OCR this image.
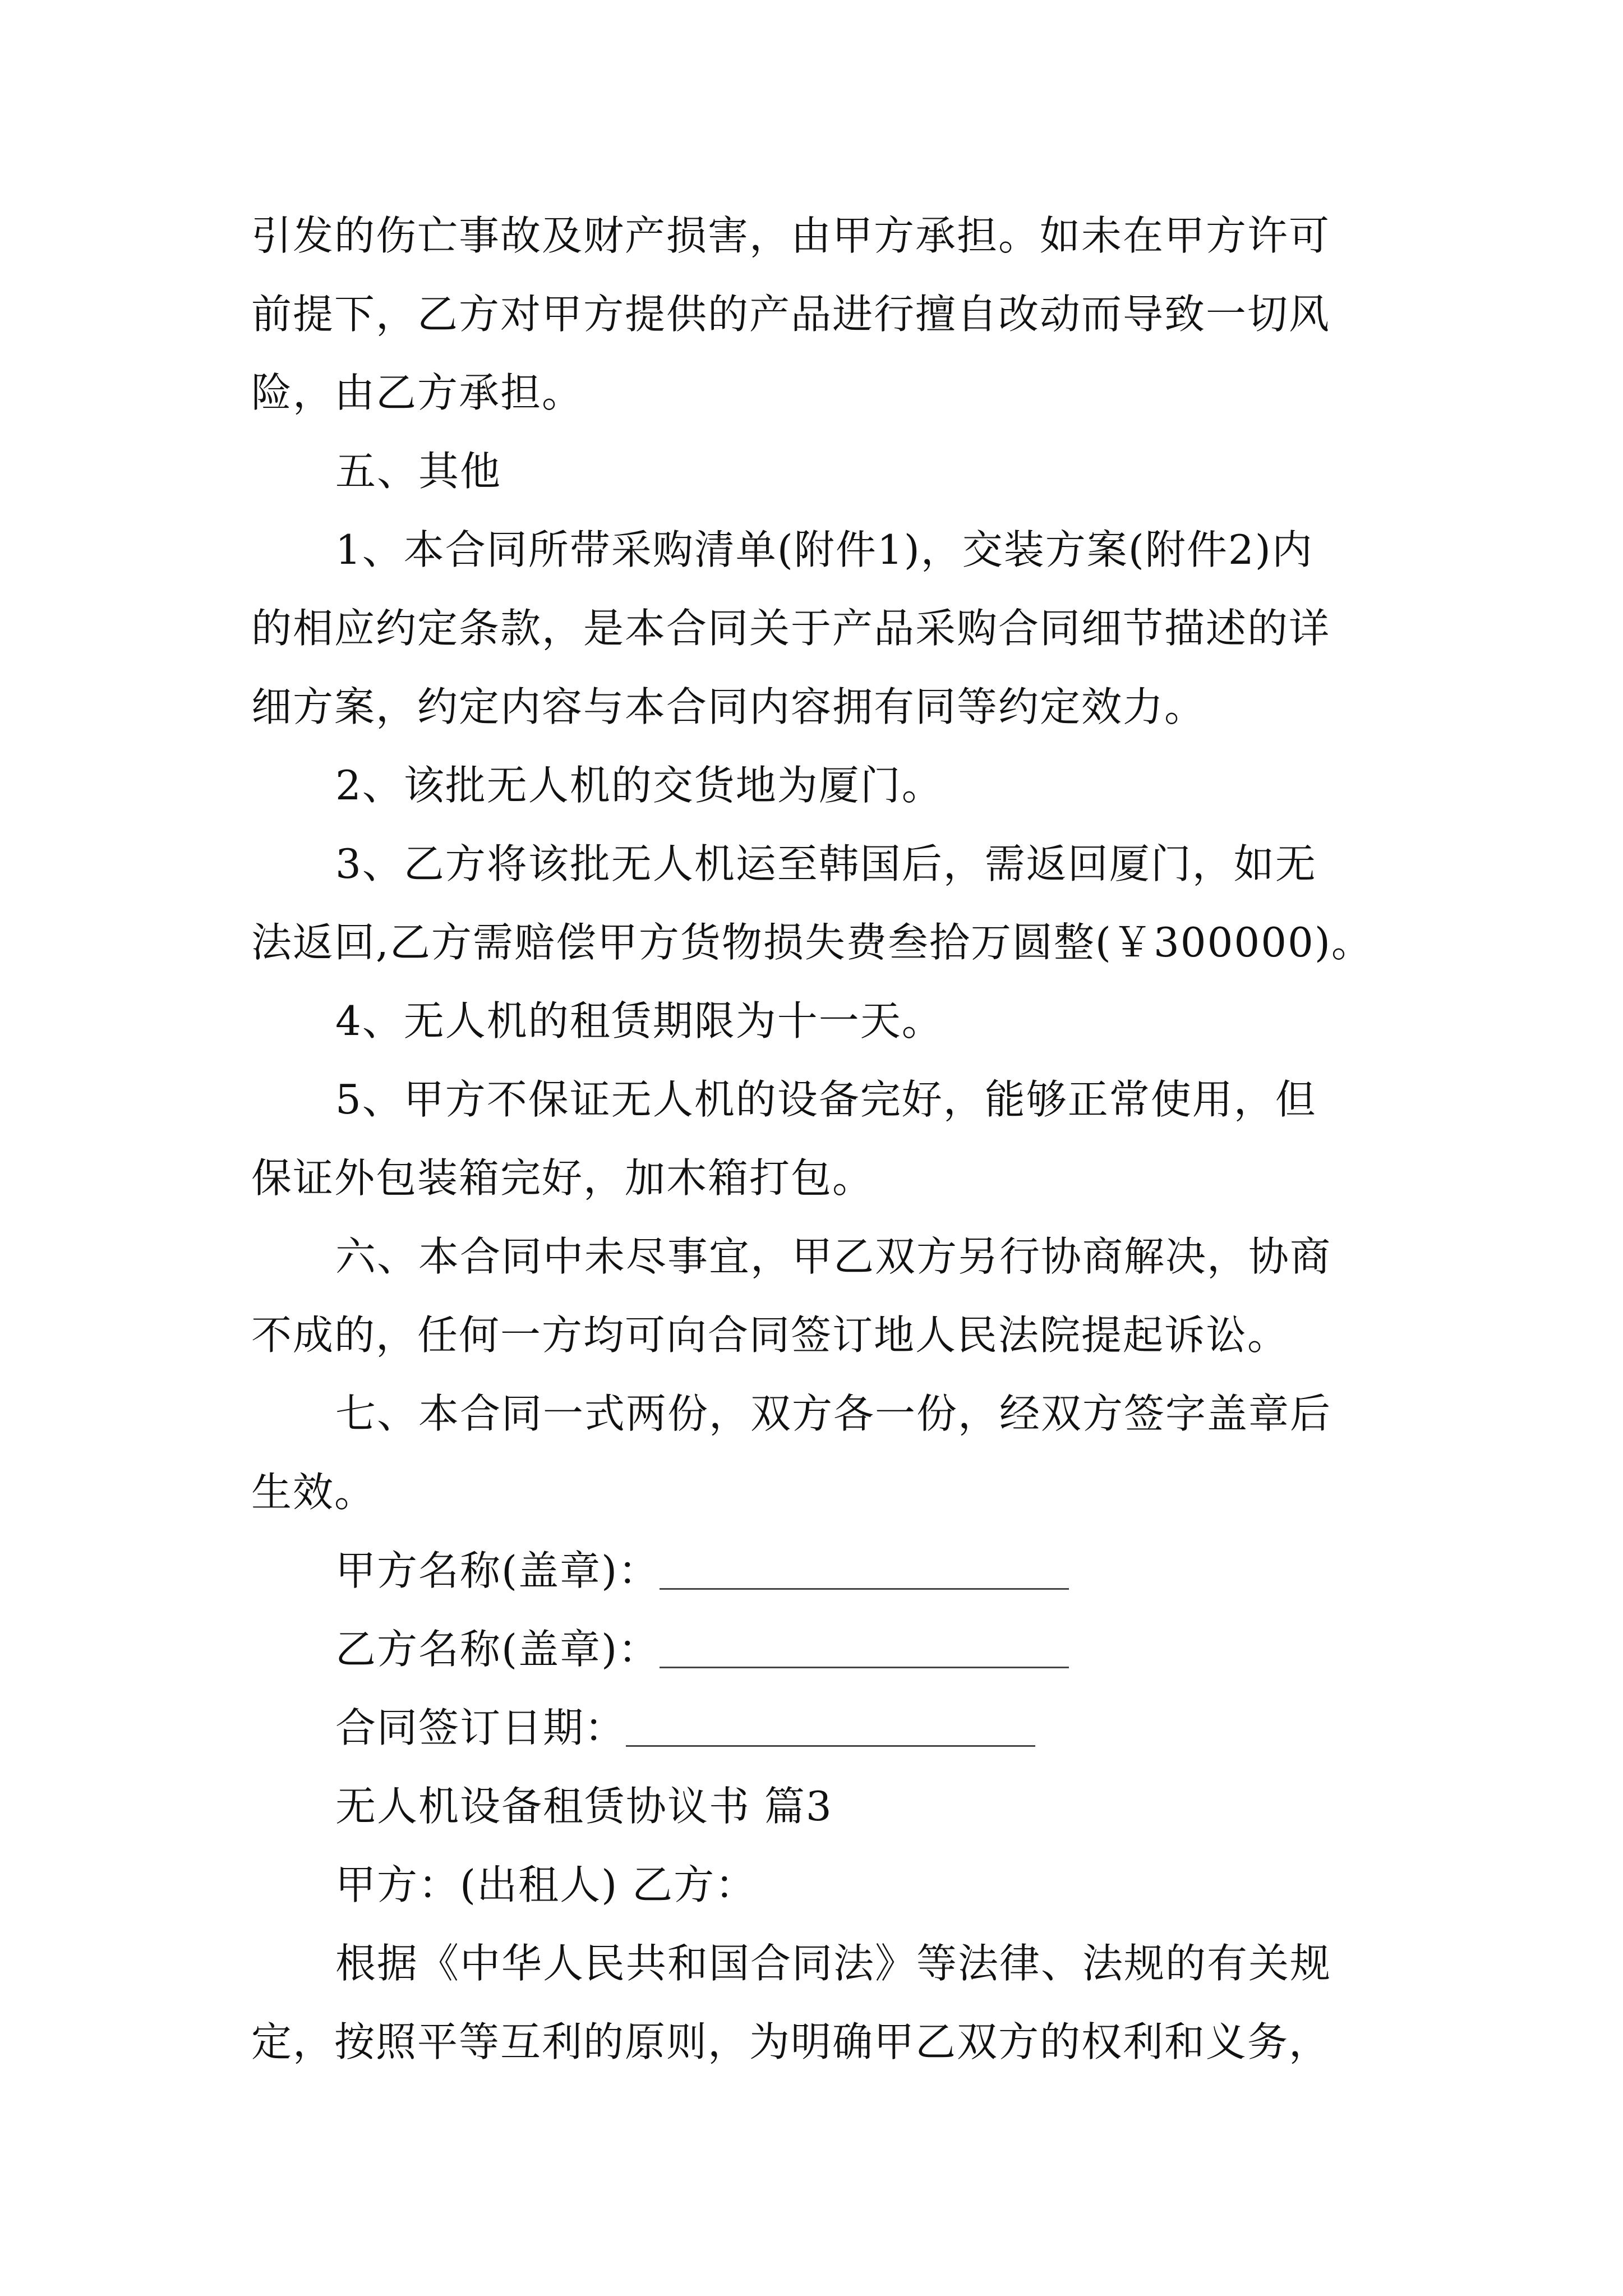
引发的伤亡事故及财产损害，由甲方承担。如未在甲方许可
前提下，乙方对甲方提供的产品进行擅自改动而导致一切风
险，由乙方承担。
五、其他
1、本合同所带采购清单(附件1)，交装方案(附件2)内
的相应约定条款，是本合同关于产品采购合同细节描述的详
细方案，约定内容与本合同内容拥有同等约定效力。
2、该批无人机的交货地为厦门。
3、乙方将该批无人机运至韩国后，需返回厦门，如无
法返回,乙方需赔偿甲方货物损失费叁拾万圆整(￥300000)。
4、无人机的租赁期限为十一天。
5、甲方不保证无人机的设备完好，能够正常使用，但
保证外包装箱完好，加木箱打包。
六、本合同中未尽事宜，甲乙双方另行协商解决，协商
不成的，任何一方均可向合同签订地人民法院提起诉讼。
七、本合同一式两份，双方各一份，经双方签字盖章后
生效。
甲方名称(盖章)：
乙方名称(盖章)：
合同签订日期：
无人机设备租赁协议书 篇3
甲方：(出租人) 乙方：
根据《中华人民共和国合同法》等法律、法规的有关规
定，按照平等互利的原则，为明确甲乙双方的权利和义务，
